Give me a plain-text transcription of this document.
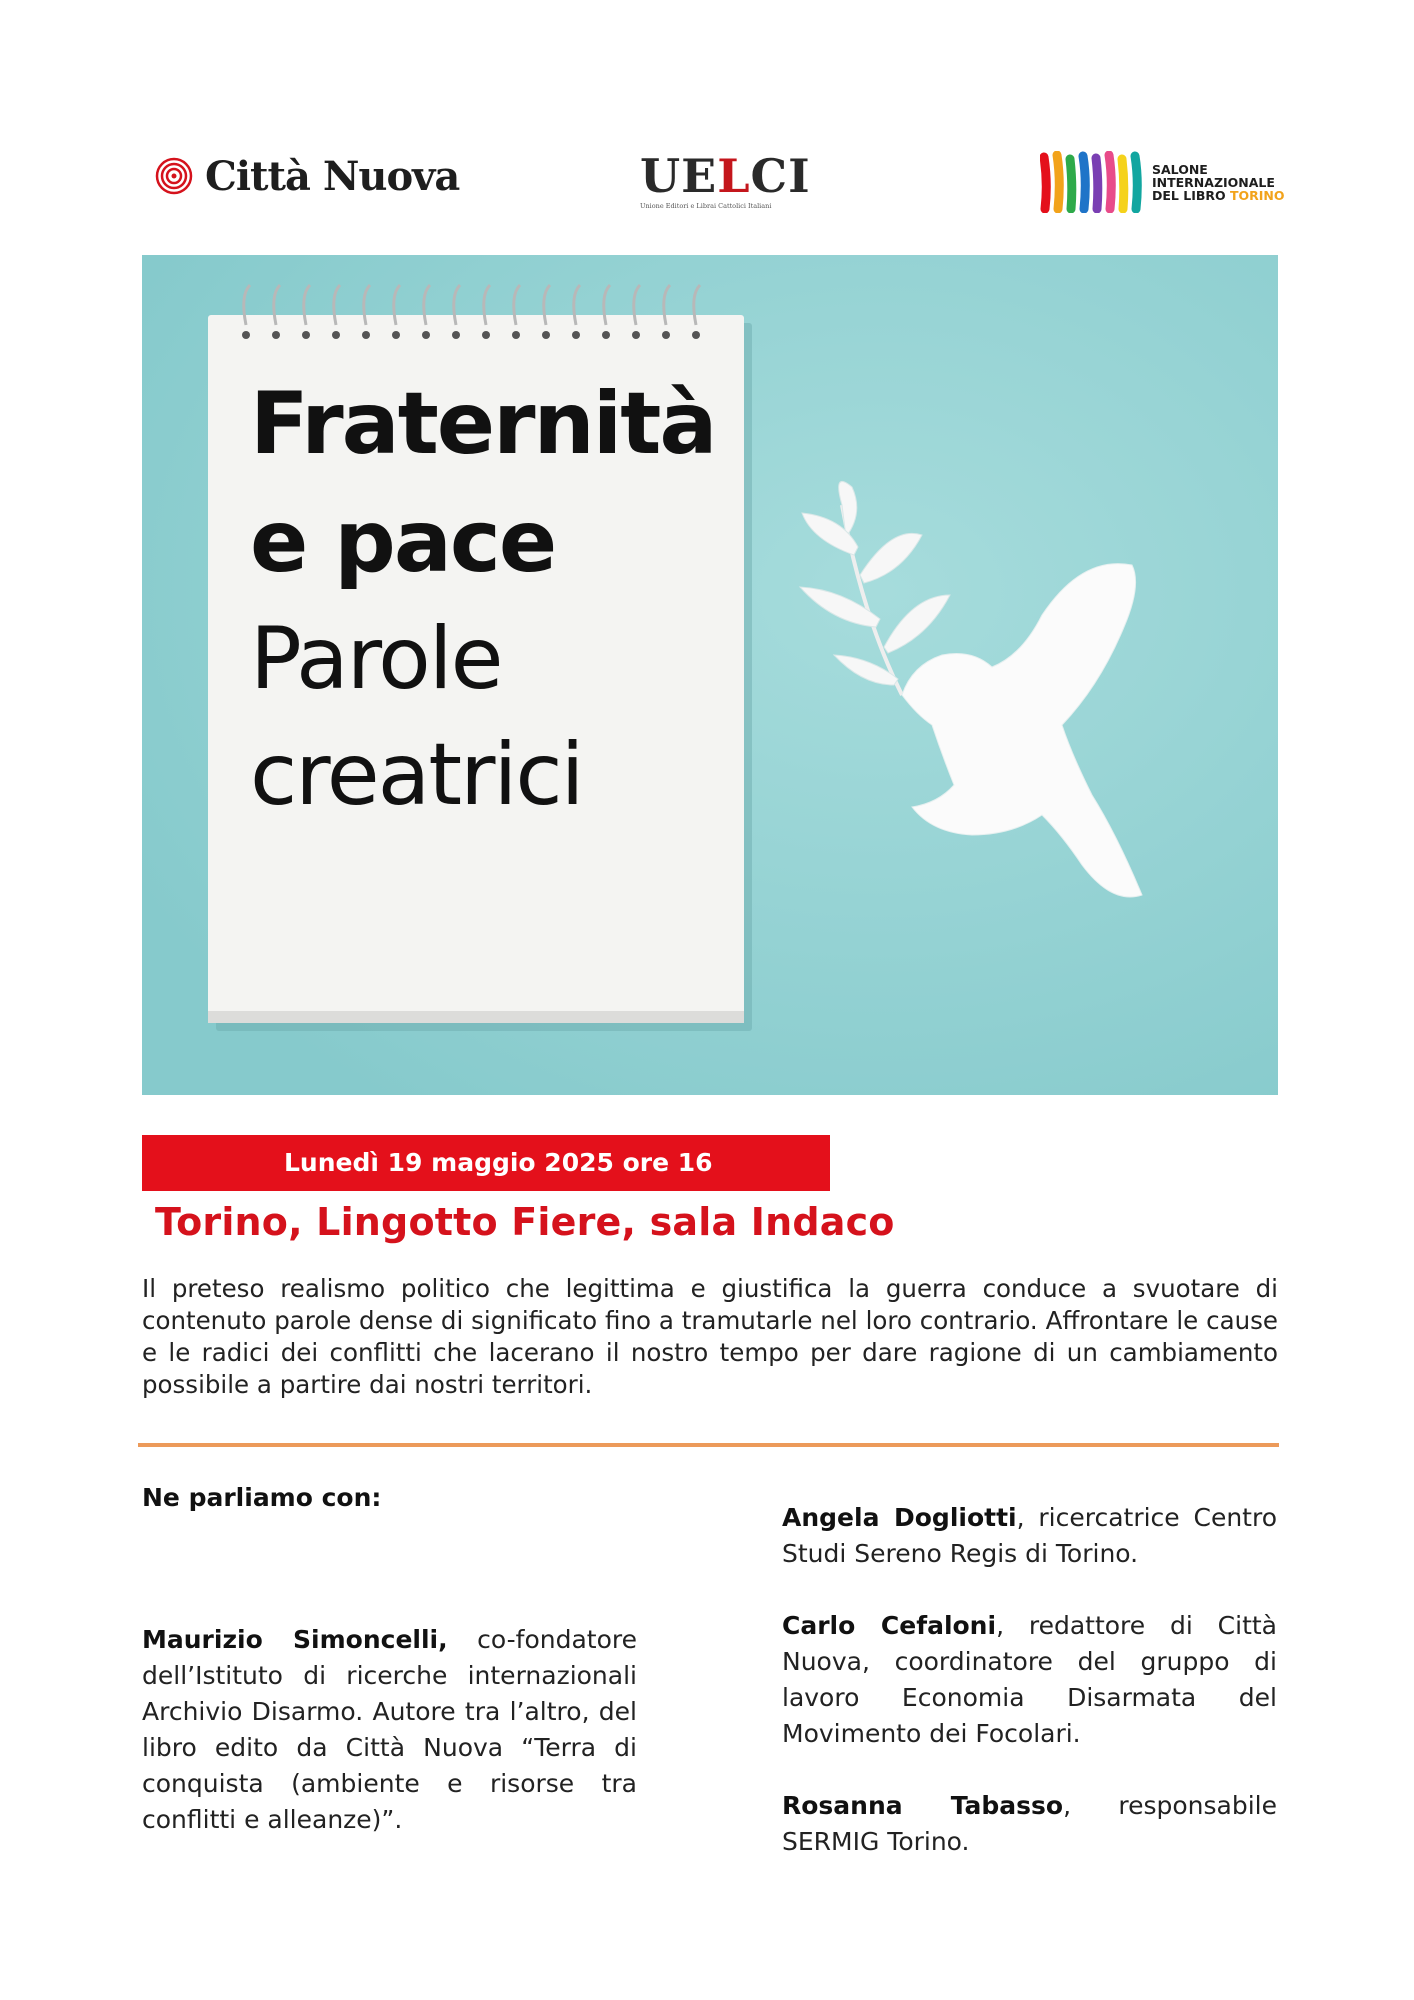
Città Nuova	UELCI
Unione Editori e Librai Cattolici Italiani
SALONE
INTERNAZIONALE
DEL LIBRO TORINO
Fraternità
e pace
Parole
creatrici
Lunedì 19 maggio 2025 ore 16
Torino, Lingotto Fiere, sala Indaco
Il preteso realismo politico che legittima e giustifica la guerra conduce a svuotare di contenuto parole dense di significato fino a tramutarle nel loro contrario. Affrontare le cause e le radici dei conflitti che lacerano il nostro tempo per dare ragione di un cambiamento possibile a partire dai nostri territori.
Ne parliamo con:
Maurizio Simoncelli, co-fondatore dell’Istituto di ricerche internazionali Archivio Disarmo. Autore tra l’altro, del libro edito da Città Nuova “Terra di conquista (ambiente e risorse tra conflitti e alleanze)”.
Angela Dogliotti, ricercatrice Centro Studi Sereno Regis di Torino.
Carlo Cefaloni, redattore di Città Nuova, coordinatore del gruppo di lavoro Economia Disarmata del Movimento dei Focolari.
Rosanna Tabasso, responsabile SERMIG Torino.
